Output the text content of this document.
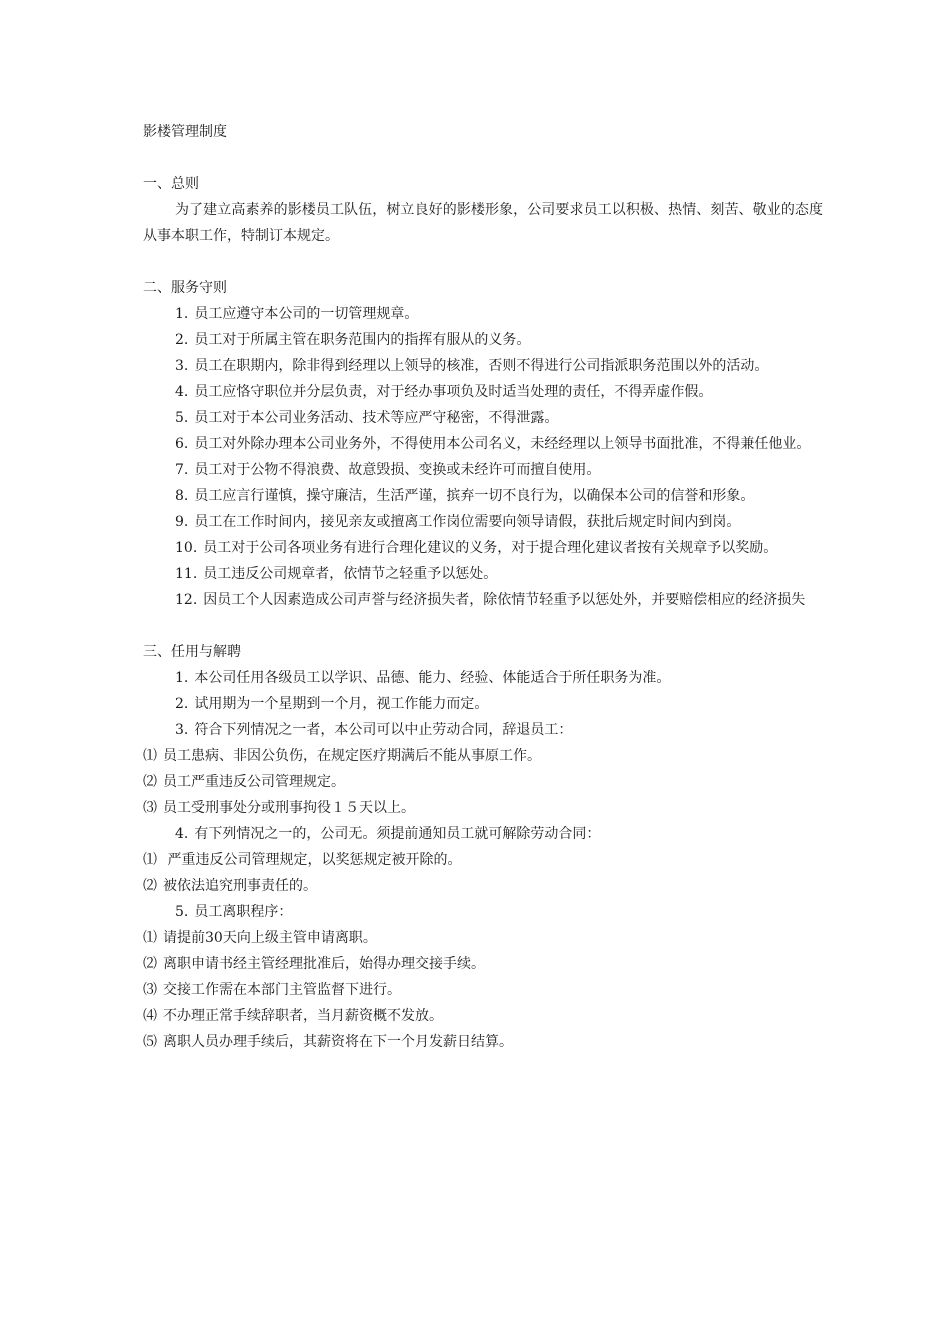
影楼管理制度
一、总则

为了建立高素养的影楼员工队伍，树立良好的影楼形象，公司要求员工以积极、热情、刻苦、敬业的态度从事本职工作，特制订本规定。

二、服务守则

1. 员工应遵守本公司的一切管理规章。

2. 员工对于所属主管在职务范围内的指挥有服从的义务。

3. 员工在职期内，除非得到经理以上领导的核准，否则不得进行公司指派职务范围以外的活动。

4. 员工应恪守职位并分层负责，对于经办事项负及时适当处理的责任，不得弄虚作假。

5. 员工对于本公司业务活动、技术等应严守秘密，不得泄露。

6. 员工对外除办理本公司业务外，不得使用本公司名义，未经经理以上领导书面批准，不得兼任他业。

7. 员工对于公物不得浪费、故意毁损、变换或未经许可而擅自使用。

8. 员工应言行谨慎，操守廉洁，生活严谨，摈弃一切不良行为，以确保本公司的信誉和形象。

9. 员工在工作时间内，接见亲友或擅离工作岗位需要向领导请假，获批后规定时间内到岗。

10. 员工对于公司各项业务有进行合理化建议的义务，对于提合理化建议者按有关规章予以奖励。

11. 员工违反公司规章者，依情节之轻重予以惩处。

12. 因员工个人因素造成公司声誉与经济损失者，除依情节轻重予以惩处外，并要赔偿相应的经济损失

三、任用与解聘

1. 本公司任用各级员工以学识、品德、能力、经验、体能适合于所任职务为准。

2. 试用期为一个星期到一个月，视工作能力而定。

3. 符合下列情况之一者，本公司可以中止劳动合同，辞退员工：

⑴ 员工患病、非因公负伤，在规定医疗期满后不能从事原工作。

⑵ 员工严重违反公司管理规定。

⑶ 员工受刑事处分或刑事拘役１５天以上。

4. 有下列情况之一的，公司无。须提前通知员工就可解除劳动合同：

⑴ 严重违反公司管理规定，以奖惩规定被开除的。

⑵ 被依法追究刑事责任的。

5. 员工离职程序：

⑴ 请提前30天向上级主管申请离职。

⑵ 离职申请书经主管经理批准后，始得办理交接手续。

⑶ 交接工作需在本部门主管监督下进行。

⑷ 不办理正常手续辞职者，当月薪资概不发放。

⑸ 离职人员办理手续后，其薪资将在下一个月发薪日结算。
